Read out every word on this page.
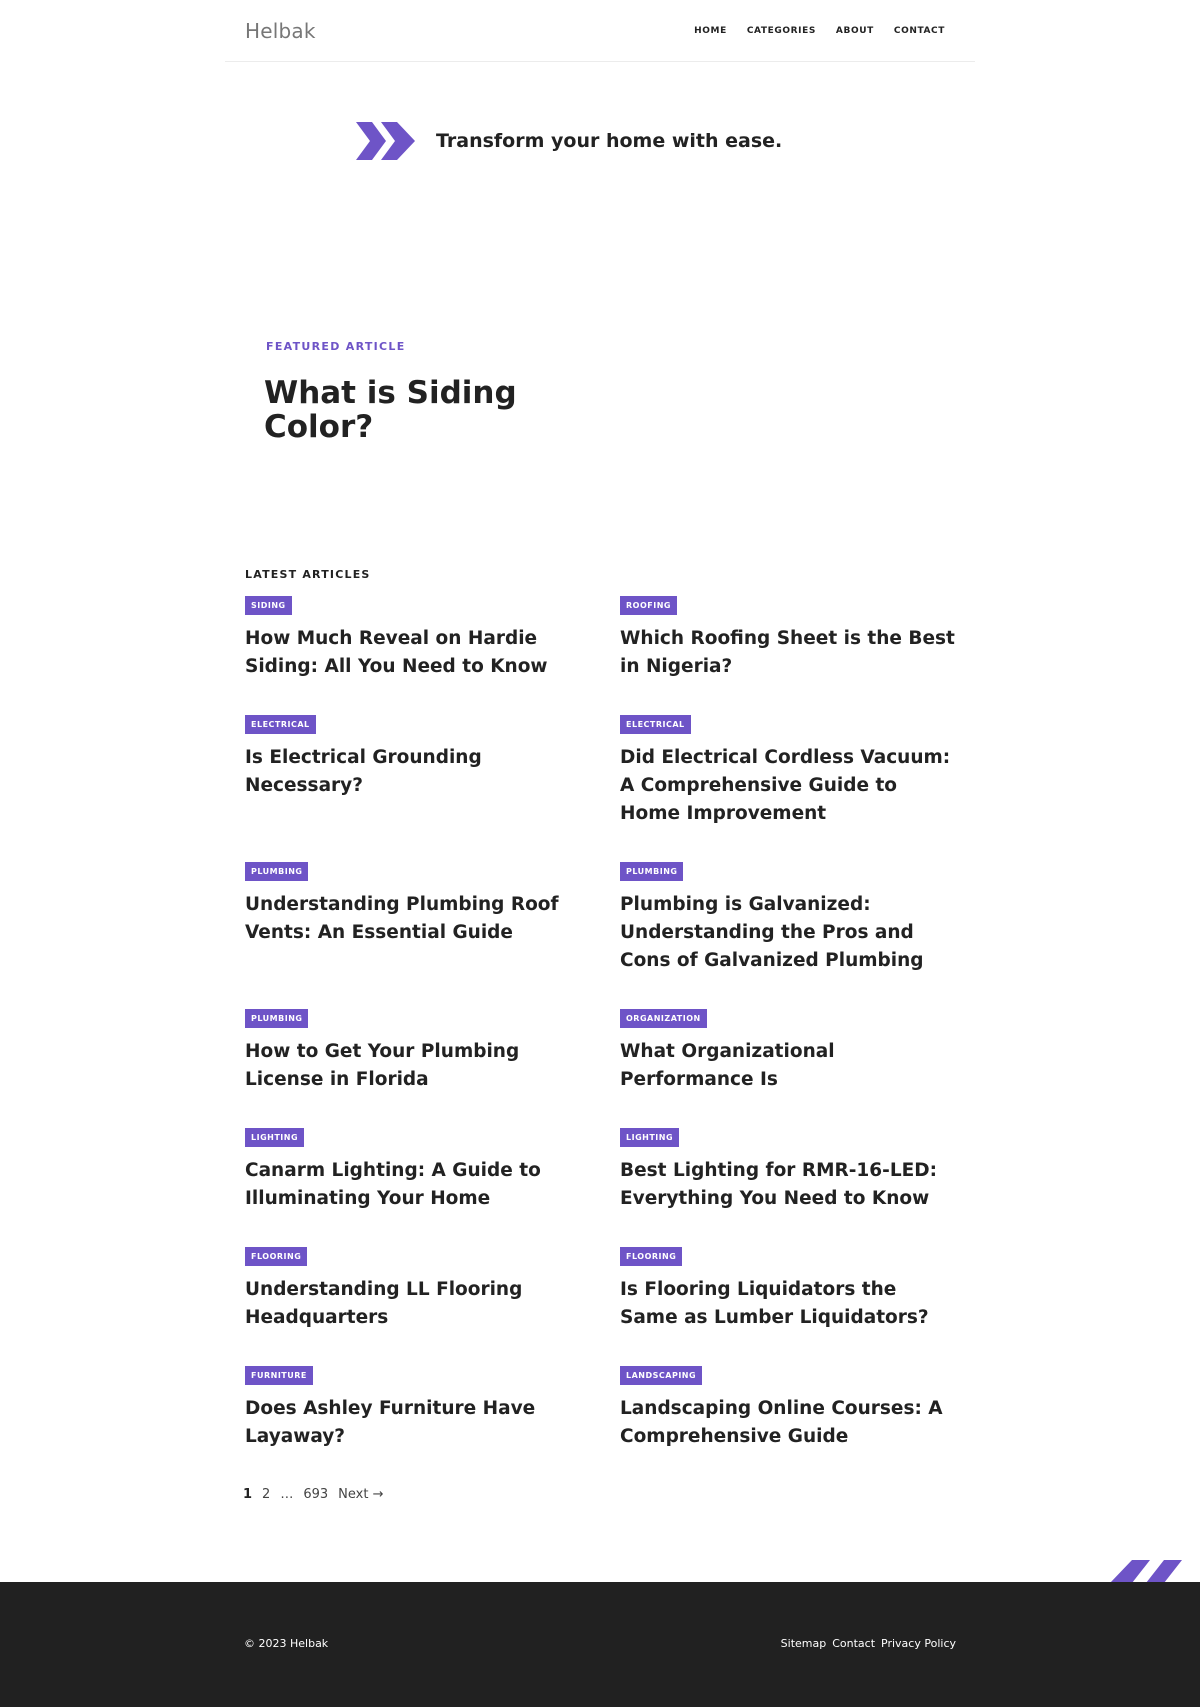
Helbak	HOME CATEGORIES ABOUT CONTACT
Transform your home with ease.
FEATURED ARTICLE
What is Siding Color?
LATEST ARTICLES
SIDING
How Much Reveal on Hardie Siding: All You Need to Know
ROOFING
Which Roofing Sheet is the Best in Nigeria?
ELECTRICAL
Is Electrical Grounding Necessary?
ELECTRICAL
Did Electrical Cordless Vacuum: A Comprehensive Guide to Home Improvement
PLUMBING
Understanding Plumbing Roof Vents: An Essential Guide
PLUMBING
Plumbing is Galvanized: Understanding the Pros and Cons of Galvanized Plumbing
PLUMBING
How to Get Your Plumbing License in Florida
ORGANIZATION
What Organizational Performance Is
LIGHTING
Canarm Lighting: A Guide to Illuminating Your Home
LIGHTING
Best Lighting for RMR-16-LED: Everything You Need to Know
FLOORING
Understanding LL Flooring Headquarters
FLOORING
Is Flooring Liquidators the Same as Lumber Liquidators?
FURNITURE
Does Ashley Furniture Have Layaway?
LANDSCAPING
Landscaping Online Courses: A Comprehensive Guide
1 2 … 693 Next →
© 2023 Helbak	Sitemap Contact Privacy Policy
